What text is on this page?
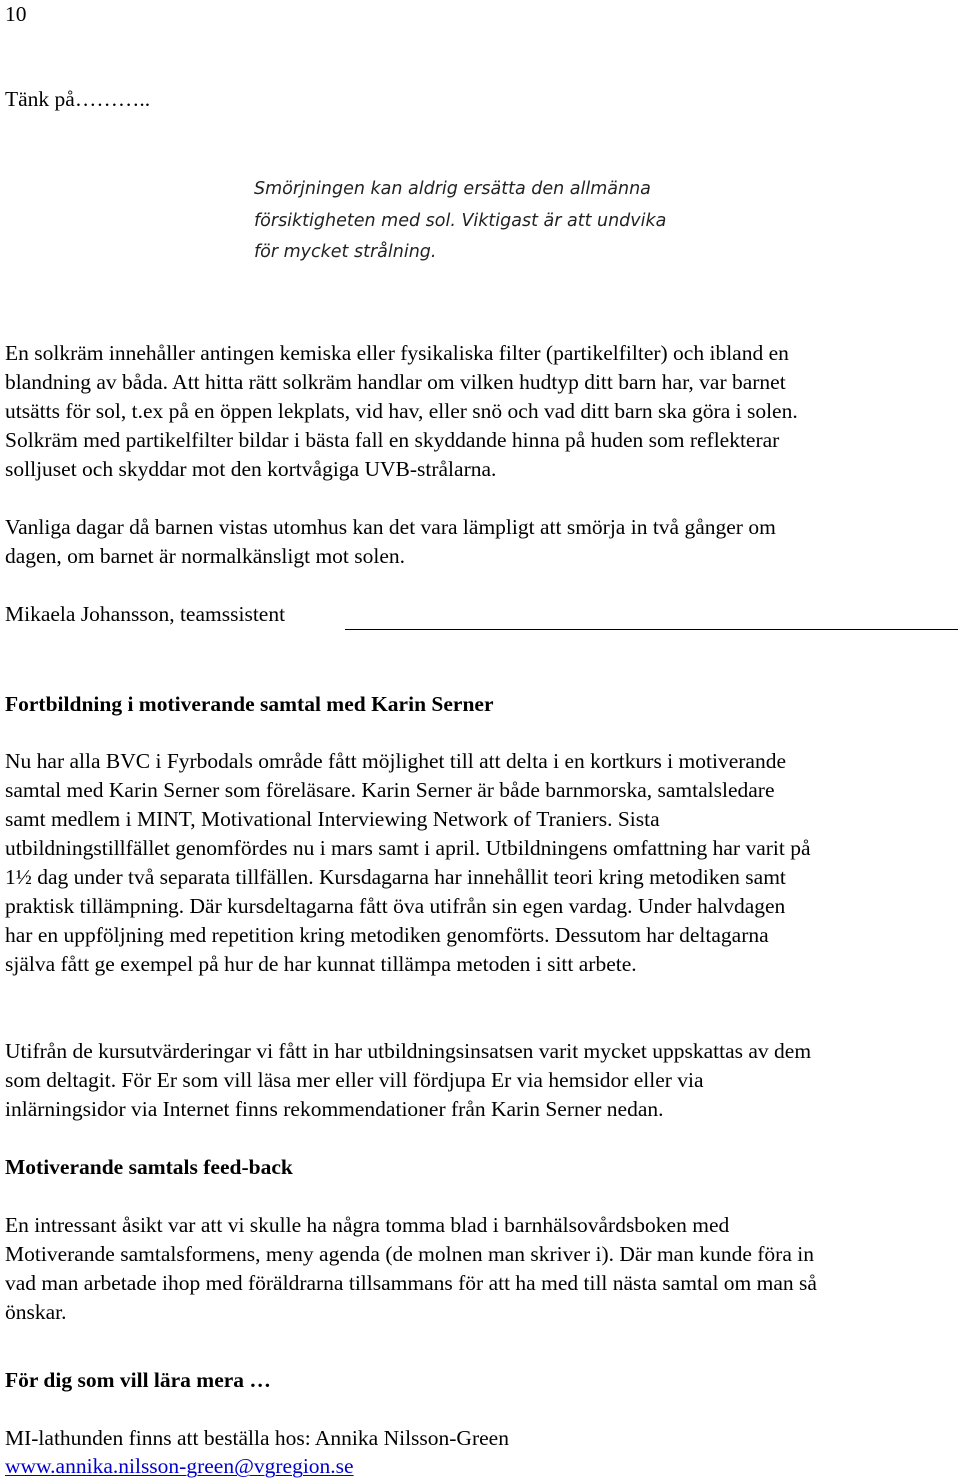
10
Tänk på………..
Smörjningen kan aldrig ersätta den allmänna
försiktigheten med sol. Viktigast är att undvika
för mycket strålning.
En solkräm innehåller antingen kemiska eller fysikaliska filter (partikelfilter) och ibland en
blandning av båda. Att hitta rätt solkräm handlar om vilken hudtyp ditt barn har, var barnet
utsätts för sol, t.ex på en öppen lekplats, vid hav, eller snö och vad ditt barn ska göra i solen.
Solkräm med partikelfilter bildar i bästa fall en skyddande hinna på huden som reflekterar
solljuset och skyddar mot den kortvågiga UVB-strålarna.
Vanliga dagar då barnen vistas utomhus kan det vara lämpligt att smörja in två gånger om
dagen, om barnet är normalkänsligt mot solen.
Mikaela Johansson, teamssistent
Fortbildning i motiverande samtal med Karin Serner
Nu har alla BVC i Fyrbodals område fått möjlighet till att delta i en kortkurs i motiverande
samtal med Karin Serner som föreläsare. Karin Serner är både barnmorska, samtalsledare
samt medlem i MINT, Motivational Interviewing Network of Traniers. Sista
utbildningstillfället genomfördes nu i mars samt i april. Utbildningens omfattning har varit på
1½ dag under två separata tillfällen. Kursdagarna har innehållit teori kring metodiken samt
praktisk tillämpning. Där kursdeltagarna fått öva utifrån sin egen vardag. Under halvdagen
har en uppföljning med repetition kring metodiken genomförts. Dessutom har deltagarna
själva fått ge exempel på hur de har kunnat tillämpa metoden i sitt arbete.
Utifrån de kursutvärderingar vi fått in har utbildningsinsatsen varit mycket uppskattas av dem
som deltagit. För Er som vill läsa mer eller vill fördjupa Er via hemsidor eller via
inlärningsidor via Internet finns rekommendationer från Karin Serner nedan.
Motiverande samtals feed-back
En intressant åsikt var att vi skulle ha några tomma blad i barnhälsovårdsboken med
Motiverande samtalsformens, meny agenda (de molnen man skriver i). Där man kunde föra in
vad man arbetade ihop med föräldrarna tillsammans för att ha med till nästa samtal om man så
önskar.
För dig som vill lära mera …
MI-lathunden finns att beställa hos: Annika Nilsson-Green
www.annika.nilsson-green@vgregion.se
